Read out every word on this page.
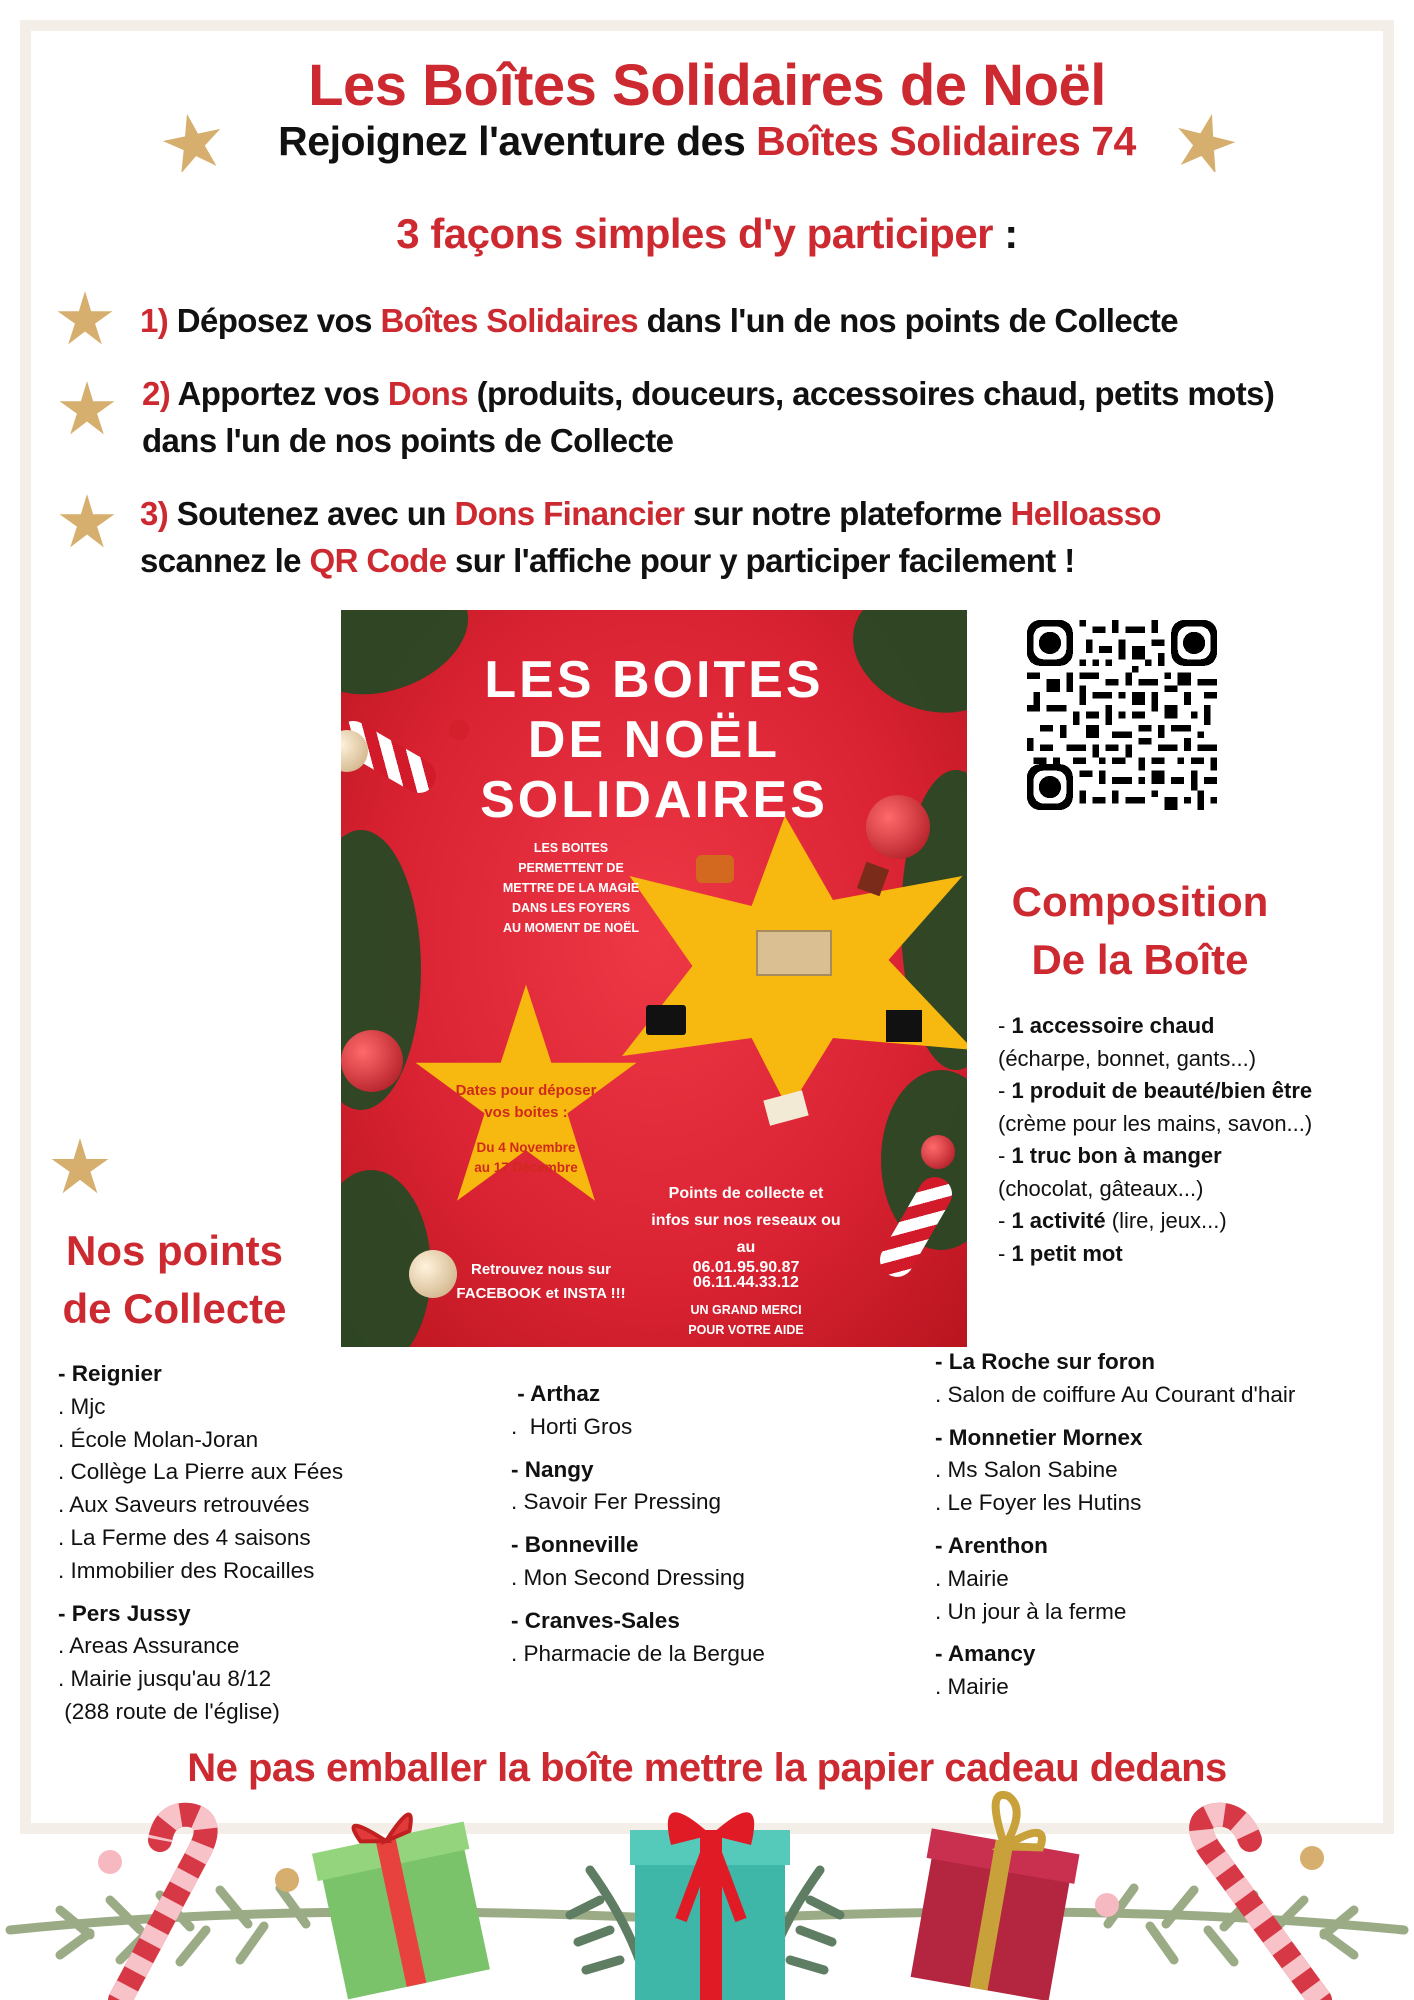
Les Boîtes Solidaires de Noël
Rejoignez l'aventure des Boîtes Solidaires 74
3 façons simples d'y participer :
1) Déposez vos Boîtes Solidaires dans l'un de nos points de Collecte
2) Apportez vos Dons (produits, douceurs, accessoires chaud, petits mots)
dans l'un de nos points de Collecte
3) Soutenez avec un Dons Financier sur notre plateforme Helloasso
scannez le QR Code sur l'affiche pour y participer facilement !
LES BOITES
DE NOËL
SOLIDAIRES
LES BOITES
PERMETTENT DE
METTRE DE LA MAGIE
DANS LES FOYERS
AU MOMENT DE NOËL
Dates pour déposer
vos boites :
Du 4 Novembre
au 17 Décembre
Points de collecte et
infos sur nos reseaux ou
au
06.01.95.90.87
06.11.44.33.12
UN GRAND MERCI
POUR VOTRE AIDE
Retrouvez nous sur
FACEBOOK et INSTA !!!
Composition
De la Boîte
- 1 accessoire chaud
(écharpe, bonnet, gants...)
- 1 produit de beauté/bien être
(crème pour les mains, savon...)
- 1 truc bon à manger
(chocolat, gâteaux...)
- 1 activité (lire, jeux...)
- 1 petit mot
Nos points
de Collecte
- Reignier
. Mjc
. École Molan-Joran
. Collège La Pierre aux Fées
. Aux Saveurs retrouvées
. La Ferme des 4 saisons
. Immobilier des Rocailles
- Pers Jussy
. Areas Assurance
. Mairie jusqu'au 8/12
(288 route de l'église)
- Arthaz
.  Horti Gros
- Nangy
. Savoir Fer Pressing
- Bonneville
. Mon Second Dressing
- Cranves-Sales
. Pharmacie de la Bergue
- La Roche sur foron
. Salon de coiffure Au Courant d'hair
- Monnetier Mornex
. Ms Salon Sabine
. Le Foyer les Hutins
- Arenthon
. Mairie
. Un jour à la ferme
- Amancy
. Mairie
Ne pas emballer la boîte mettre la papier cadeau dedans
